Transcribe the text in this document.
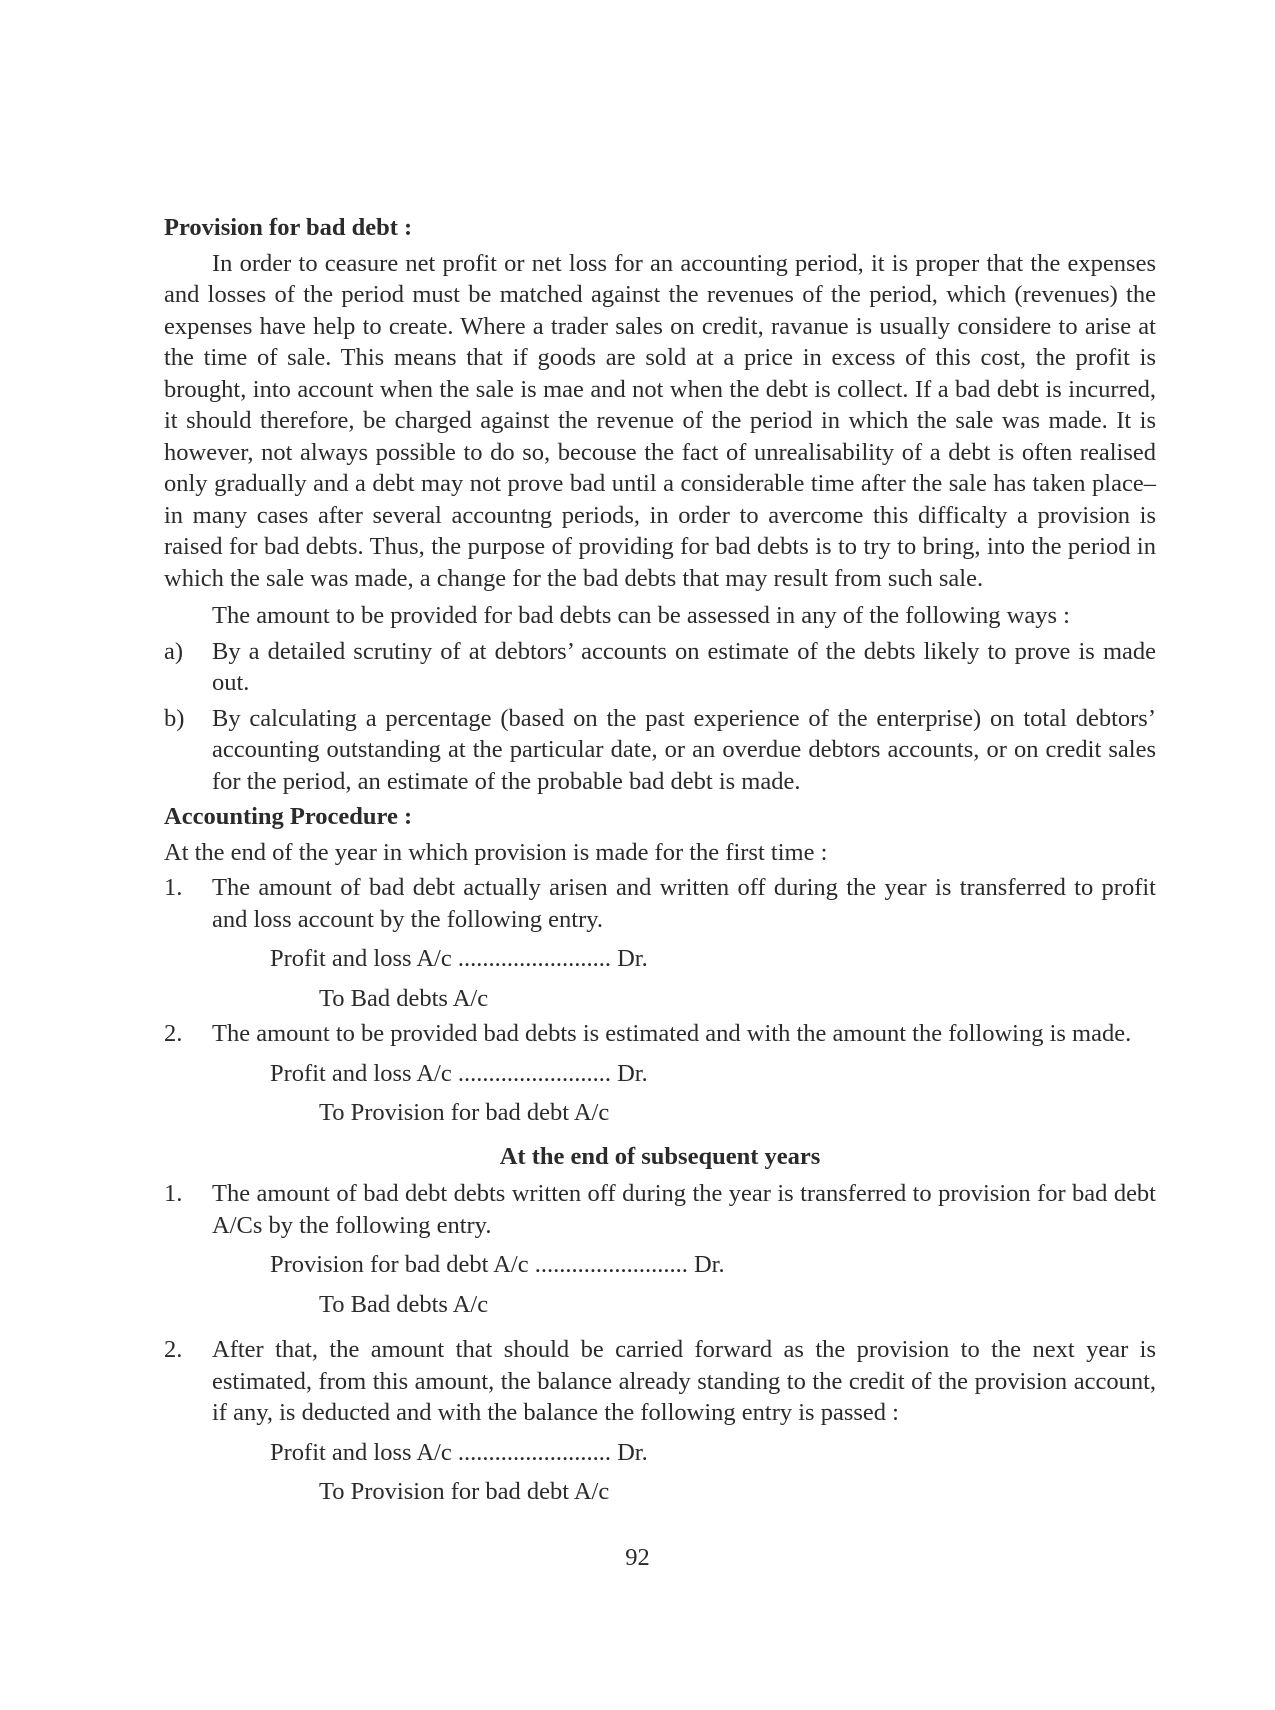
Provision for bad debt :

In order to ceasure net profit or net loss for an accounting period, it is proper that the expenses and losses of the period must be matched against the revenues of the period, which (revenues) the expenses have help to create. Where a trader sales on credit, ravanue is usually considere to arise at the time of sale. This means that if goods are sold at a price in excess of this cost, the profit is brought, into account when the sale is mae and not when the debt is collect. If a bad debt is incurred, it should therefore, be charged against the revenue of the period in which the sale was made. It is however, not always possible to do so, becouse the fact of unrealisability of a debt is often realised only gradually and a debt may not prove bad until a considerable time after the sale has taken place– in many cases after several accountng periods, in order to avercome this difficalty a provision is raised for bad debts. Thus, the purpose of providing for bad debts is to try to bring, into the period in which the sale was made, a change for the bad debts that may result from such sale.

The amount to be provided for bad debts can be assessed in any of the following ways :

a)	By a detailed scrutiny of at debtors’ accounts on estimate of the debts likely to prove is made out.
b)	By calculating a percentage (based on the past experience of the enterprise) on total debtors’ accounting outstanding at the particular date, or an overdue debtors accounts, or on credit sales for the period, an estimate of the probable bad debt is made.
Accounting Procedure :
At the end of the year in which provision is made for the first time :
1.	The amount of bad debt actually arisen and written off during the year is transferred to profit and loss account by the following entry.
Profit and loss A/c ......................... Dr.
To Bad debts A/c
2.	The amount to be provided bad debts is estimated and with the amount the following is made.
Profit and loss A/c ......................... Dr.
To Provision for bad debt A/c
At the end of subsequent years
1.	The amount of bad debt debts written off during the year is transferred to provision for bad debt A/Cs by the following entry.
Provision for bad debt A/c ......................... Dr.
To Bad debts A/c
2.	After that, the amount that should be carried forward as the provision to the next year is estimated, from this amount, the balance already standing to the credit of the provision account, if any, is deducted and with the balance the following entry is passed :
Profit and loss A/c ......................... Dr.
To Provision for bad debt A/c
92
